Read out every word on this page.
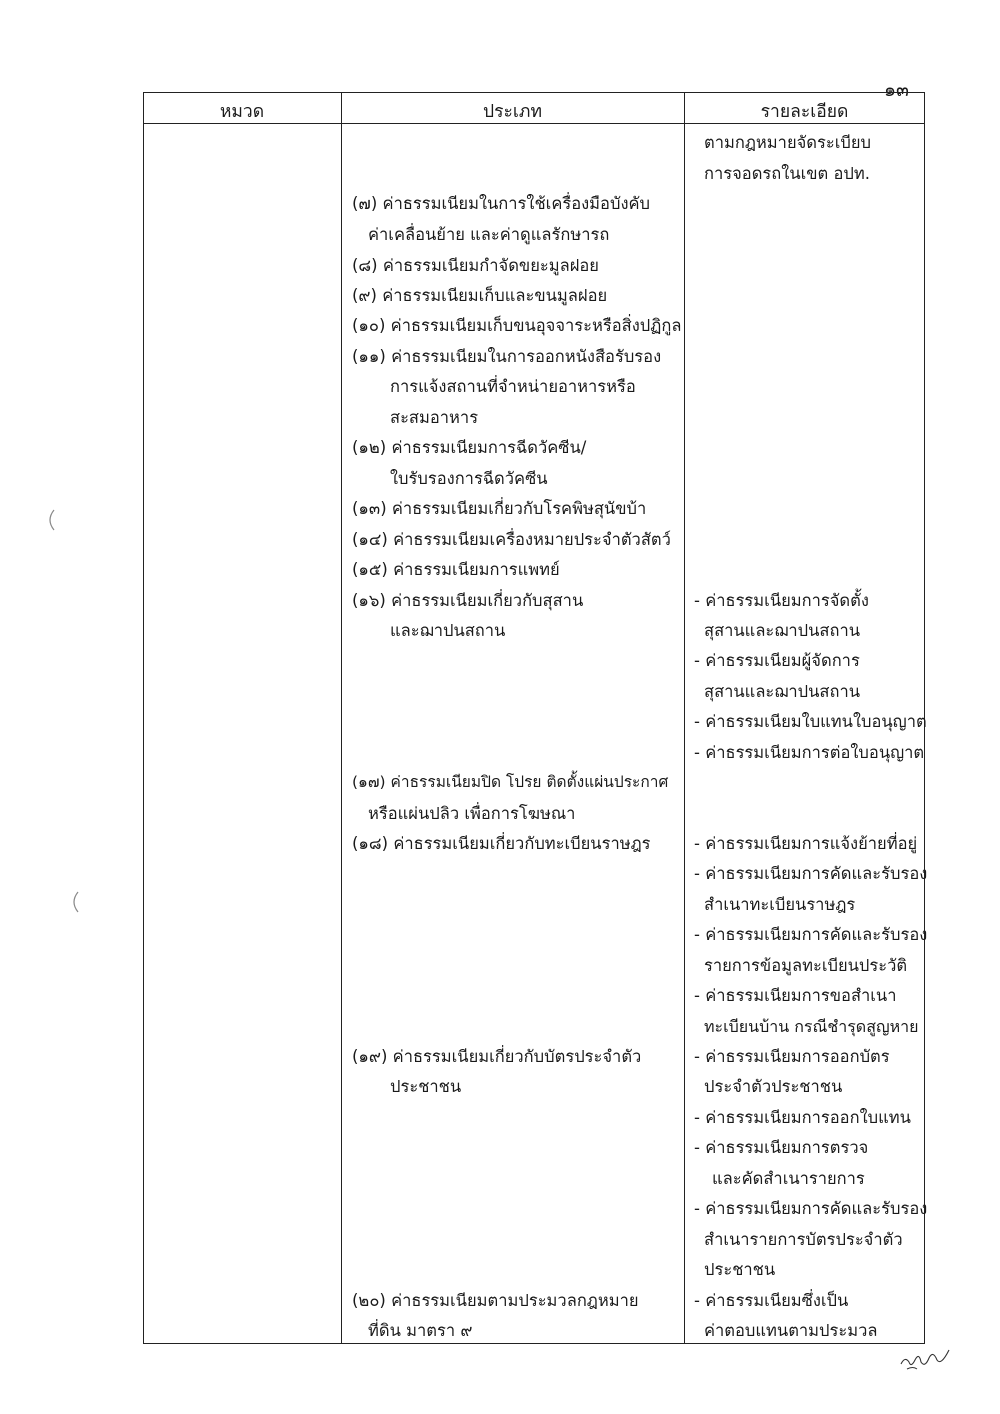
๑๓
หมวด	ประเภท	รายละเอียด
(๗) ค่าธรรมเนียมในการใช้เครื่องมือบังคับ
ค่าเคลื่อนย้าย และค่าดูแลรักษารถ
(๘) ค่าธรรมเนียมกำจัดขยะมูลฝอย
(๙) ค่าธรรมเนียมเก็บและขนมูลฝอย
(๑๐) ค่าธรรมเนียมเก็บขนอุจจาระหรือสิ่งปฏิกูล
(๑๑) ค่าธรรมเนียมในการออกหนังสือรับรอง
การแจ้งสถานที่จำหน่ายอาหารหรือ
สะสมอาหาร
(๑๒) ค่าธรรมเนียมการฉีดวัคซีน/
ใบรับรองการฉีดวัคซีน
(๑๓) ค่าธรรมเนียมเกี่ยวกับโรคพิษสุนัขบ้า
(๑๔) ค่าธรรมเนียมเครื่องหมายประจำตัวสัตว์
(๑๕) ค่าธรรมเนียมการแพทย์
(๑๖) ค่าธรรมเนียมเกี่ยวกับสุสาน
และฌาปนสถาน
(๑๗) ค่าธรรมเนียมปิด โปรย ติดตั้งแผ่นประกาศ
หรือแผ่นปลิว เพื่อการโฆษณา
(๑๘) ค่าธรรมเนียมเกี่ยวกับทะเบียนราษฎร
(๑๙) ค่าธรรมเนียมเกี่ยวกับบัตรประจำตัว
ประชาชน
(๒๐) ค่าธรรมเนียมตามประมวลกฎหมาย
ที่ดิน มาตรา ๙
ตามกฎหมายจัดระเบียบ
การจอดรถในเขต อปท.
- ค่าธรรมเนียมการจัดตั้ง
สุสานและฌาปนสถาน
- ค่าธรรมเนียมผู้จัดการ
สุสานและฌาปนสถาน
- ค่าธรรมเนียมใบแทนใบอนุญาต
- ค่าธรรมเนียมการต่อใบอนุญาต
- ค่าธรรมเนียมการแจ้งย้ายที่อยู่
- ค่าธรรมเนียมการคัดและรับรอง
สำเนาทะเบียนราษฎร
- ค่าธรรมเนียมการคัดและรับรอง
รายการข้อมูลทะเบียนประวัติ
- ค่าธรรมเนียมการขอสำเนา
ทะเบียนบ้าน กรณีชำรุดสูญหาย
- ค่าธรรมเนียมการออกบัตร
ประจำตัวประชาชน
- ค่าธรรมเนียมการออกใบแทน
- ค่าธรรมเนียมการตรวจ
และคัดสำเนารายการ
- ค่าธรรมเนียมการคัดและรับรอง
สำเนารายการบัตรประจำตัว
ประชาชน
- ค่าธรรมเนียมซึ่งเป็น
ค่าตอบแทนตามประมวล
